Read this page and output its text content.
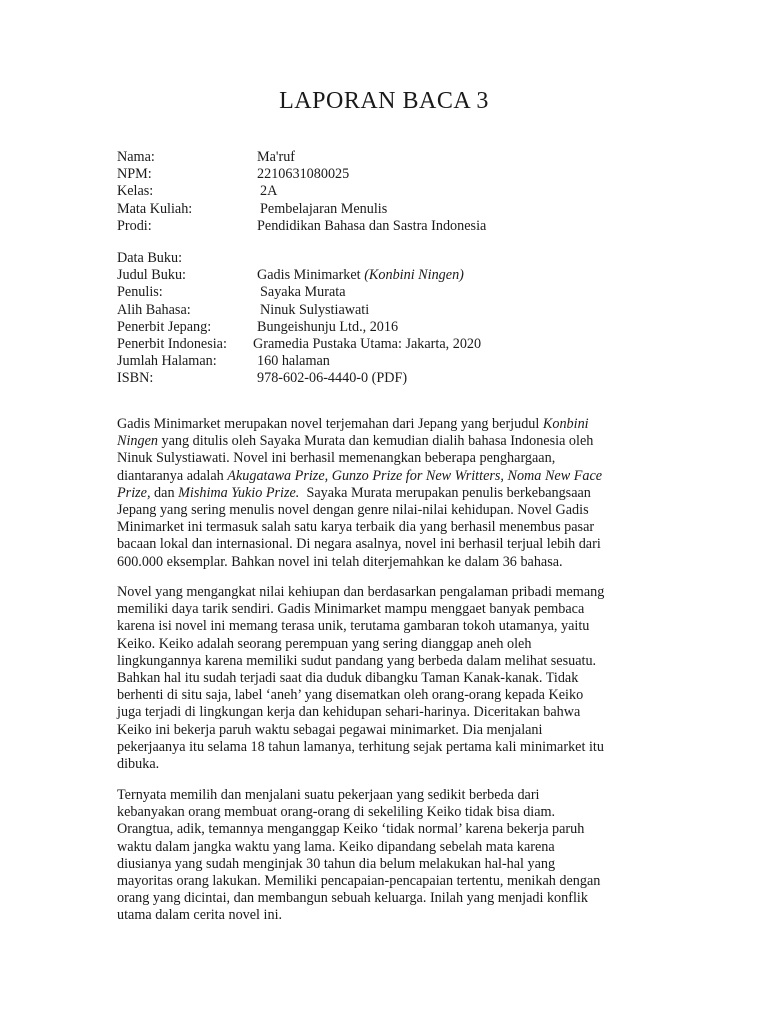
LAPORAN BACA 3
Nama:	Ma'ruf
NPM:	2210631080025
Kelas:	2A
Mata Kuliah:	Pembelajaran Menulis
Prodi:	Pendidikan Bahasa dan Sastra Indonesia
Data Buku:
Judul Buku:	Gadis Minimarket (Konbini Ningen)
Penulis:	Sayaka Murata
Alih Bahasa:	Ninuk Sulystiawati
Penerbit Jepang:	Bungeishunju Ltd., 2016
Penerbit Indonesia:	Gramedia Pustaka Utama: Jakarta, 2020
Jumlah Halaman:	160 halaman
ISBN:	978-602-06-4440-0 (PDF)

Gadis Minimarket merupakan novel terjemahan dari Jepang yang berjudul Konbini
Ningen yang ditulis oleh Sayaka Murata dan kemudian dialih bahasa Indonesia oleh
Ninuk Sulystiawati. Novel ini berhasil memenangkan beberapa penghargaan,
diantaranya adalah Akugatawa Prize, Gunzo Prize for New Writters, Noma New Face
Prize, dan Mishima Yukio Prize.  Sayaka Murata merupakan penulis berkebangsaan
Jepang yang sering menulis novel dengan genre nilai-nilai kehidupan. Novel Gadis
Minimarket ini termasuk salah satu karya terbaik dia yang berhasil menembus pasar
bacaan lokal dan internasional. Di negara asalnya, novel ini berhasil terjual lebih dari
600.000 eksemplar. Bahkan novel ini telah diterjemahkan ke dalam 36 bahasa.

Novel yang mengangkat nilai kehiupan dan berdasarkan pengalaman pribadi memang
memiliki daya tarik sendiri. Gadis Minimarket mampu menggaet banyak pembaca
karena isi novel ini memang terasa unik, terutama gambaran tokoh utamanya, yaitu
Keiko. Keiko adalah seorang perempuan yang sering dianggap aneh oleh
lingkungannya karena memiliki sudut pandang yang berbeda dalam melihat sesuatu.
Bahkan hal itu sudah terjadi saat dia duduk dibangku Taman Kanak-kanak. Tidak
berhenti di situ saja, label ‘aneh’ yang disematkan oleh orang-orang kepada Keiko
juga terjadi di lingkungan kerja dan kehidupan sehari-harinya. Diceritakan bahwa
Keiko ini bekerja paruh waktu sebagai pegawai minimarket. Dia menjalani
pekerjaanya itu selama 18 tahun lamanya, terhitung sejak pertama kali minimarket itu
dibuka.

Ternyata memilih dan menjalani suatu pekerjaan yang sedikit berbeda dari
kebanyakan orang membuat orang-orang di sekeliling Keiko tidak bisa diam.
Orangtua, adik, temannya menganggap Keiko ‘tidak normal’ karena bekerja paruh
waktu dalam jangka waktu yang lama. Keiko dipandang sebelah mata karena
diusianya yang sudah menginjak 30 tahun dia belum melakukan hal-hal yang
mayoritas orang lakukan. Memiliki pencapaian-pencapaian tertentu, menikah dengan
orang yang dicintai, dan membangun sebuah keluarga. Inilah yang menjadi konflik
utama dalam cerita novel ini.
